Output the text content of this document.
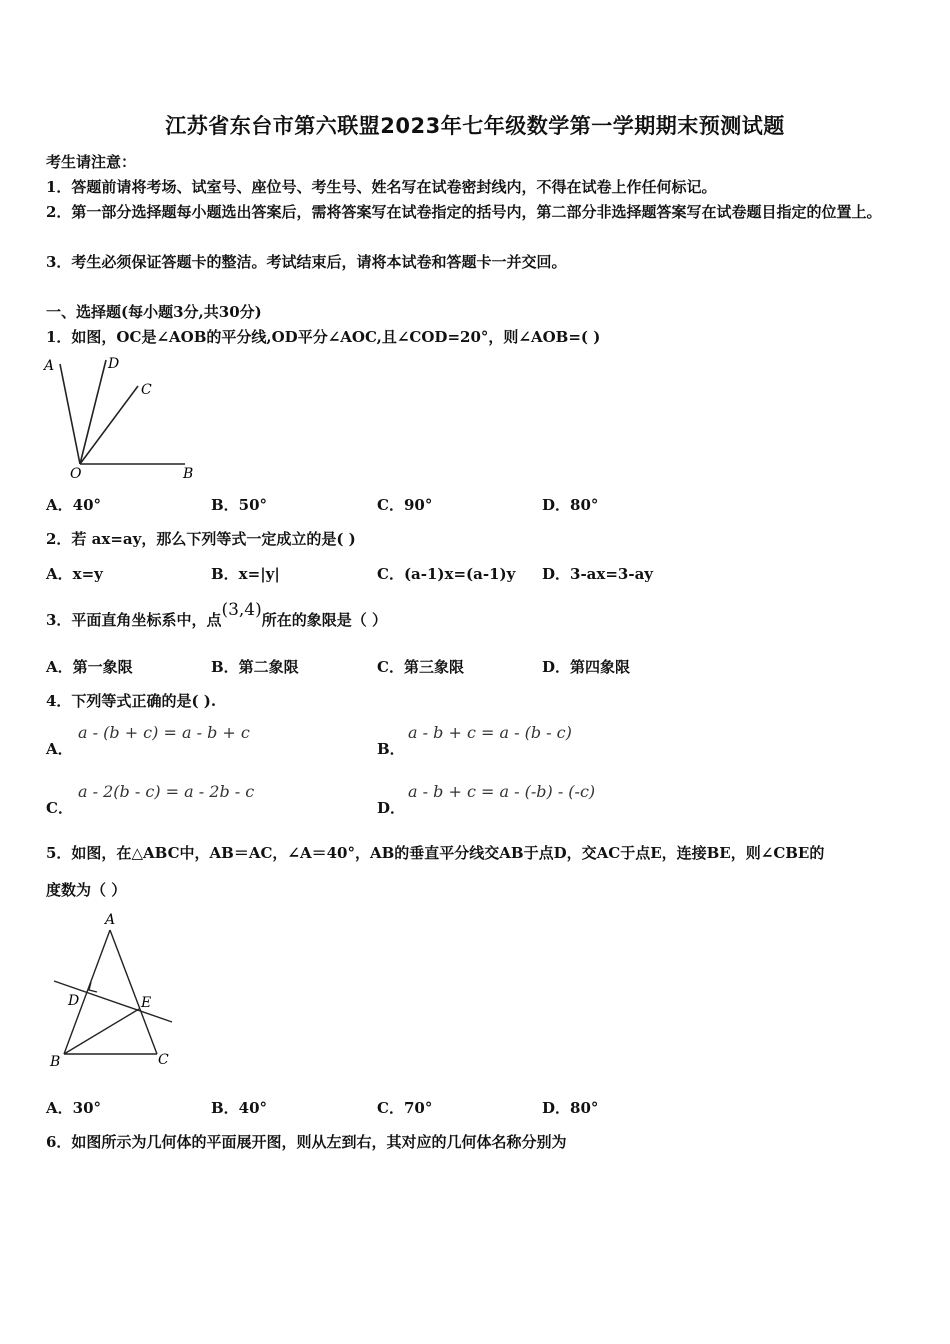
江苏省东台市第六联盟2023年七年级数学第一学期期末预测试题
考生请注意：
1．答题前请将考场、试室号、座位号、考生号、姓名写在试卷密封线内，不得在试卷上作任何标记。
2．第一部分选择题每小题选出答案后，需将答案写在试卷指定的括号内，第二部分非选择题答案写在试卷题目指定的位置上。
3．考生必须保证答题卡的整洁。考试结束后，请将本试卷和答题卡一并交回。
一、选择题(每小题3分,共30分)
1．如图，OC是∠AOB的平分线,OD平分∠AOC,且∠COD=20°，则∠AOB=( )
A	D
C
O	B
A．40°	B．50°	C．90°	D．80°
2．若 ax=ay，那么下列等式一定成立的是( )
A．x=y	B．x=|y|	C．(a-1)x=(a-1)y D．3-ax=3-ay
3．平面直角坐标系中，点(3,4)所在的象限是（ ）
A．第一象限	B．第二象限	C．第三象限	D．第四象限
4．下列等式正确的是( ).
A．
a - (b + c) = a - b + c
B．
a - b + c = a - (b - c)
C．
a - 2(b - c) = a - 2b - c
D．
a - b + c = a - (-b) - (-c)
5．如图，在△ABC中，AB＝AC，∠A＝40°，AB的垂直平分线交AB于点D，交AC于点E，连接BE，则∠CBE的
度数为（ ）
A
D	E
B	C
A．30°	B．40°	C．70°	D．80°
6．如图所示为几何体的平面展开图，则从左到右，其对应的几何体名称分别为
